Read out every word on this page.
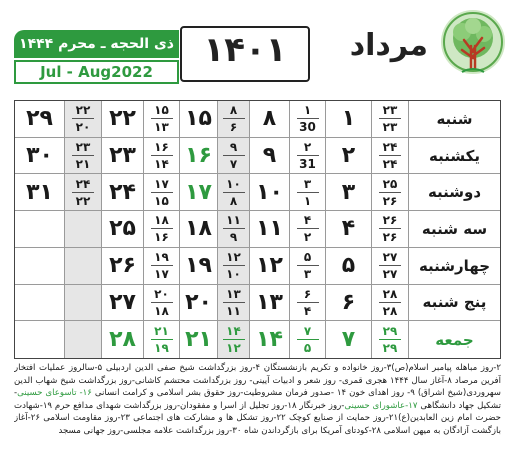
مرداد
۱۴۰۱
ذی الحجه ـ محرم ۱۴۴۴
Jul - Aug2022
۲۹ ۲۲
۲۰ ۲۲ ۱۵
۱۳ ۱۵ ۸
۶ ۸ ۱
30 ۱ ۲۳
۲۳	شنبه
۳۰ ۲۳
۲۱ ۲۳ ۱۶
۱۴ ۱۶ ۹
۷ ۹ ۲
31 ۲ ۲۴
۲۴ یکشنبه
۳۱ ۲۴
۲۲ ۲۴ ۱۷
۱۵ ۱۷ ۱۰
۸ ۱۰ ۳
۱ ۳ ۲۵
۲۶ دوشنبه
۲۵ ۱۸
۱۶ ۱۸ ۱۱
۹ ۱۱ ۴
۲ ۴ ۲۶
۲۶ سه شنبه
۲۶ ۱۹
۱۷ ۱۹ ۱۲
۱۰ ۱۲ ۵
۳ ۵ ۲۷
۲۷ چهارشنبه
۲۷ ۲۰
۱۸ ۲۰ ۱۳
۱۱ ۱۳ ۶
۴ ۶ ۲۸
۲۸ پنج شنبه
۲۸ ۲۱
۱۹ ۲۱ ۱۴
۱۲ ۱۴ ۷
۵ ۷ ۲۹
۲۹	جمعه
۲-روز مباهله پیامبر اسلام(ص)۳-روز خانواده و تکریم بازنشستگان ۴-روز بزرگداشت شیخ صفی الدین اردبیلی ۵-سالروز عملیات افتخار آفرین مرصاد ۸-آغاز سال ۱۴۴۴ هجری قمری- روز شعر و ادبیات آیینی- روز بزرگداشت محتشم کاشانی-روز بزرگداشت شیخ شهاب الدین سهروردی(شیخ اشراق) ۹- روز اهدای خون ۱۴ -صدور فرمان مشروطیت-روز حقوق بشر اسلامی و کرامت انسانی ۱۶- تاسوعای حسینی-تشکیل جهاد دانشگاهی ۱۷-عاشورای حسینی-روز خبرنگار ۱۸-روز تجلیل از اسرا و مفقودان-روز بزرگداشت شهدای مدافع حرم ۱۹-شهادت حضرت امام زین العابدین(ع)۲۱-روز حمایت از صنایع کوچک ۲۲-روز تشکل ها و مشارکت های اجتماعی ۲۳-روز مقاومت اسلامی ۲۶-آغاز بازگشت آزادگان به میهن اسلامی ۲۸-کودتای آمریکا برای بازگرداندن شاه ۳۰-روز بزرگداشت علامه مجلسی-روز جهانی مسجد
